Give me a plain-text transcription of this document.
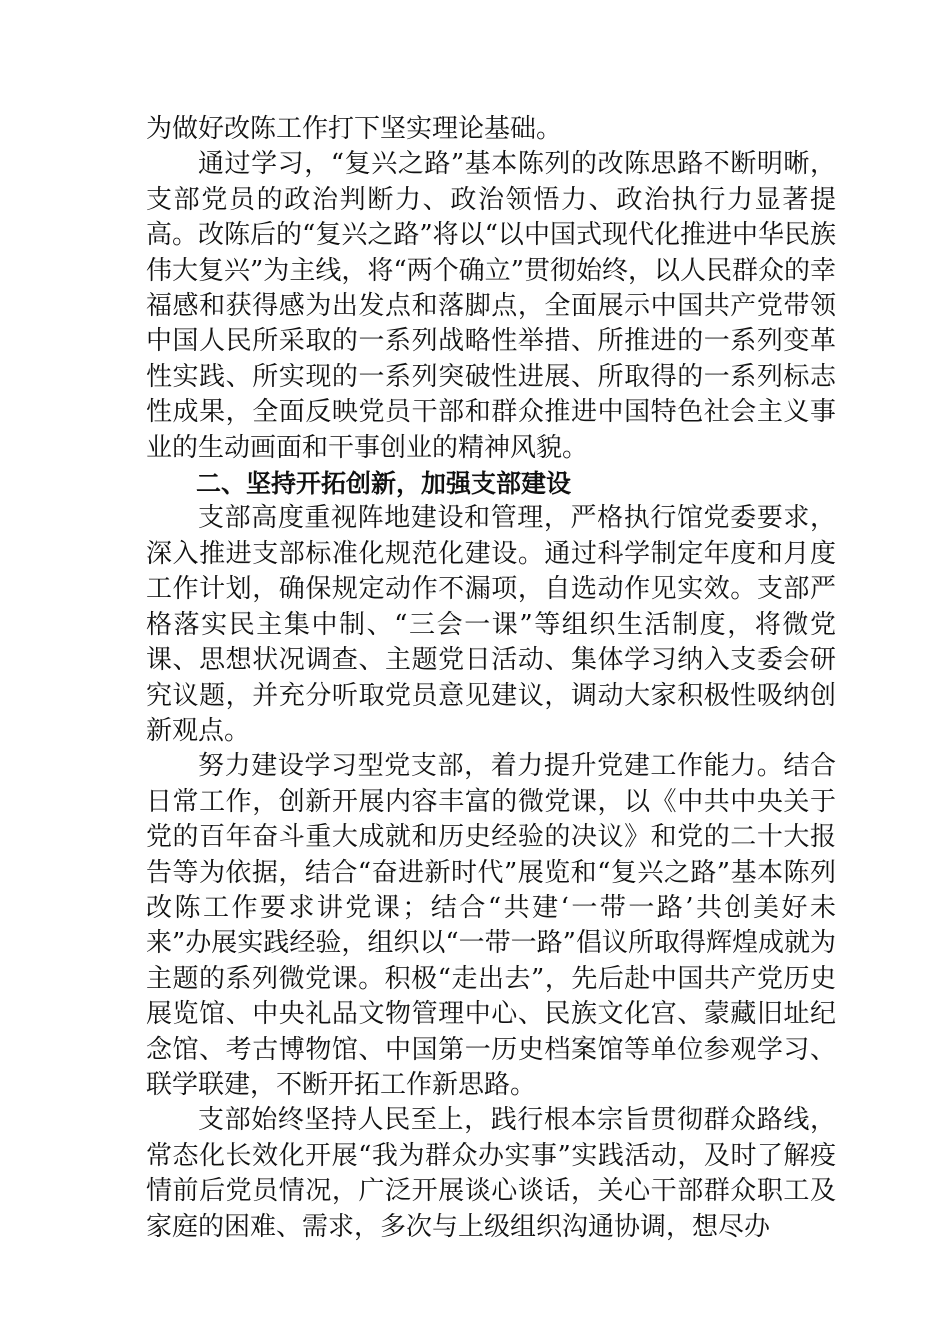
为做好改陈工作打下坚实理论基础。

通过学习，“复兴之路”基本陈列的改陈思路不断明晰，支部党员的政治判断力、政治领悟力、政治执行力显著提高。改陈后的“复兴之路”将以“以中国式现代化推进中华民族伟大复兴”为主线，将“两个确立”贯彻始终，以人民群众的幸福感和获得感为出发点和落脚点，全面展示中国共产党带领中国人民所采取的一系列战略性举措、所推进的一系列变革性实践、所实现的一系列突破性进展、所取得的一系列标志性成果，全面反映党员干部和群众推进中国特色社会主义事业的生动画面和干事创业的精神风貌。

二、坚持开拓创新，加强支部建设

支部高度重视阵地建设和管理，严格执行馆党委要求，深入推进支部标准化规范化建设。通过科学制定年度和月度工作计划，确保规定动作不漏项，自选动作见实效。支部严格落实民主集中制、“三会一课”等组织生活制度，将微党课、思想状况调查、主题党日活动、集体学习纳入支委会研究议题，并充分听取党员意见建议，调动大家积极性吸纳创新观点。

努力建设学习型党支部，着力提升党建工作能力。结合日常工作，创新开展内容丰富的微党课，以《中共中央关于党的百年奋斗重大成就和历史经验的决议》和党的二十大报告等为依据，结合“奋进新时代”展览和“复兴之路”基本陈列改陈工作要求讲党课；结合“共建‘一带一路’共创美好未来”办展实践经验，组织以“一带一路”倡议所取得辉煌成就为主题的系列微党课。积极“走出去”，先后赴中国共产党历史展览馆、中央礼品文物管理中心、民族文化宫、蒙藏旧址纪念馆、考古博物馆、中国第一历史档案馆等单位参观学习、联学联建，不断开拓工作新思路。

支部始终坚持人民至上，践行根本宗旨贯彻群众路线，常态化长效化开展“我为群众办实事”实践活动，及时了解疫情前后党员情况，广泛开展谈心谈话，关心干部群众职工及家庭的困难、需求，多次与上级组织沟通协调，想尽办
